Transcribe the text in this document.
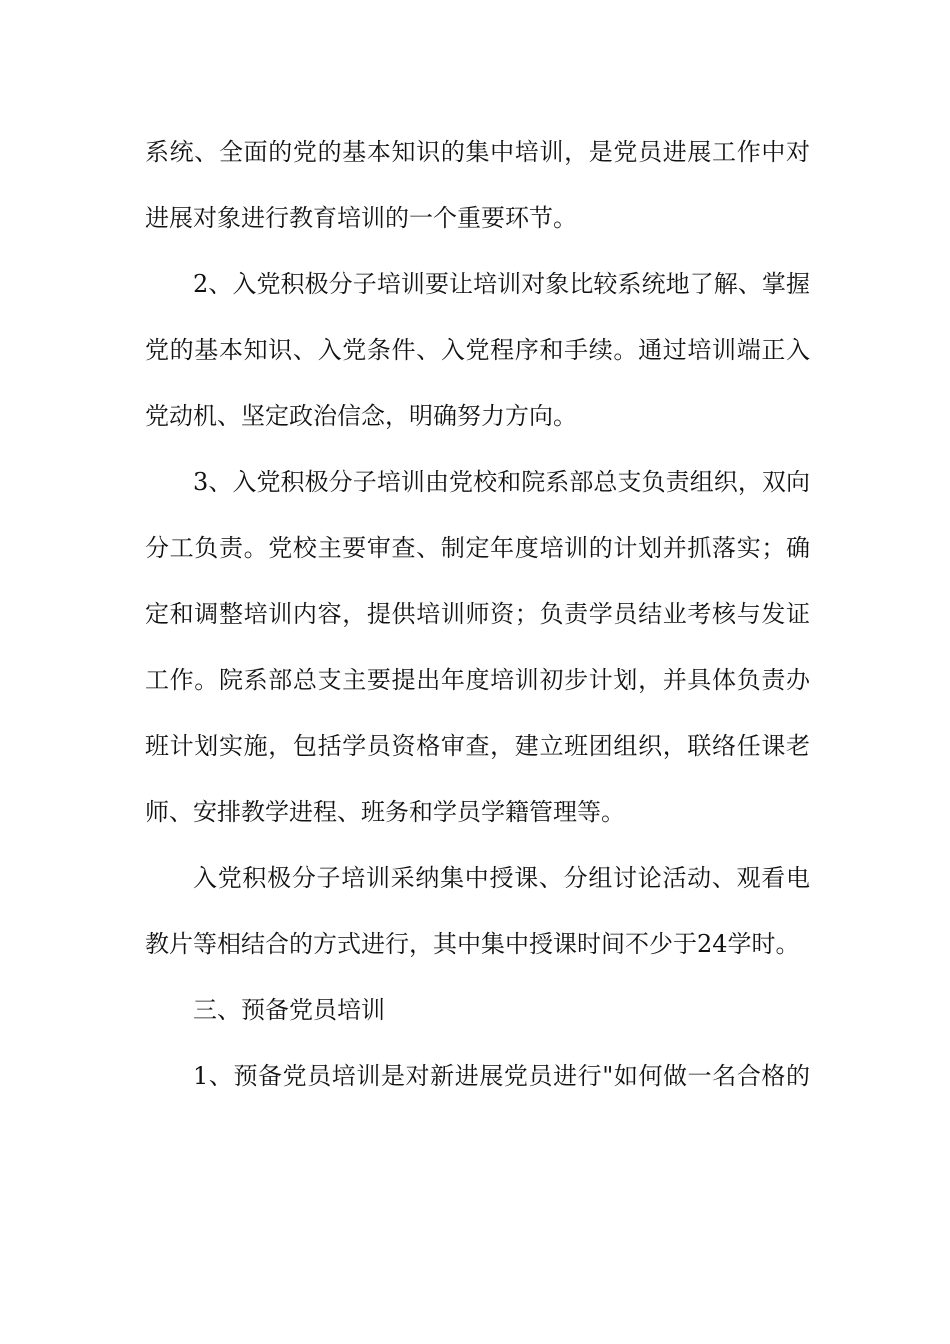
系统、全面的党的基本知识的集中培训，是党员进展工作中对
进展对象进行教育培训的一个重要环节。
2、入党积极分子培训要让培训对象比较系统地了解、掌握
党的基本知识、入党条件、入党程序和手续。通过培训端正入
党动机、坚定政治信念，明确努力方向。
3、入党积极分子培训由党校和院系部总支负责组织，双向
分工负责。党校主要审查、制定年度培训的计划并抓落实；确
定和调整培训内容，提供培训师资；负责学员结业考核与发证
工作。院系部总支主要提出年度培训初步计划，并具体负责办
班计划实施，包括学员资格审查，建立班团组织，联络任课老
师、安排教学进程、班务和学员学籍管理等。
入党积极分子培训采纳集中授课、分组讨论活动、观看电
教片等相结合的方式进行，其中集中授课时间不少于24学时。
三、预备党员培训
1、预备党员培训是对新进展党员进行"如何做一名合格的
